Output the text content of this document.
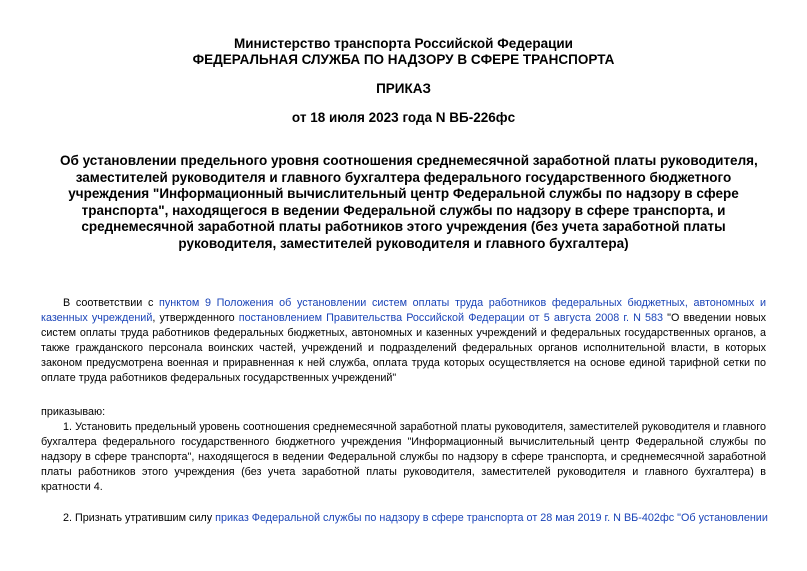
Министерство транспорта Российской Федерации
ФЕДЕРАЛЬНАЯ СЛУЖБА ПО НАДЗОРУ В СФЕРЕ ТРАНСПОРТА
ПРИКАЗ
от 18 июля 2023 года N ВБ-226фс
Об установлении предельного уровня соотношения среднемесячной заработной платы руководителя,
заместителей руководителя и главного бухгалтера федерального государственного бюджетного
учреждения "Информационный вычислительный центр Федеральной службы по надзору в сфере
транспорта", находящегося в ведении Федеральной службы по надзору в сфере транспорта, и
среднемесячной заработной платы работников этого учреждения (без учета заработной платы
руководителя, заместителей руководителя и главного бухгалтера)
В соответствии с пунктом 9 Положения об установлении систем оплаты труда работников федеральных бюджетных, автономных и
казенных учреждений, утвержденного постановлением Правительства Российской Федерации от 5 августа 2008 г. N 583 "О введении новых
систем оплаты труда работников федеральных бюджетных, автономных и казенных учреждений и федеральных государственных органов, а
также гражданского персонала воинских частей, учреждений и подразделений федеральных органов исполнительной власти, в которых
законом предусмотрена военная и приравненная к ней служба, оплата труда которых осуществляется на основе единой тарифной сетки по
оплате труда работников федеральных государственных учреждений"
приказываю:
1. Установить предельный уровень соотношения среднемесячной заработной платы руководителя, заместителей руководителя и главного
бухгалтера федерального государственного бюджетного учреждения "Информационный вычислительный центр Федеральной службы по
надзору в сфере транспорта", находящегося в ведении Федеральной службы по надзору в сфере транспорта, и среднемесячной заработной
платы работников этого учреждения (без учета заработной платы руководителя, заместителей руководителя и главного бухгалтера) в
кратности 4.
2. Признать утратившим силу приказ Федеральной службы по надзору в сфере транспорта от 28 мая 2019 г. N ВБ-402фс "Об установлении
